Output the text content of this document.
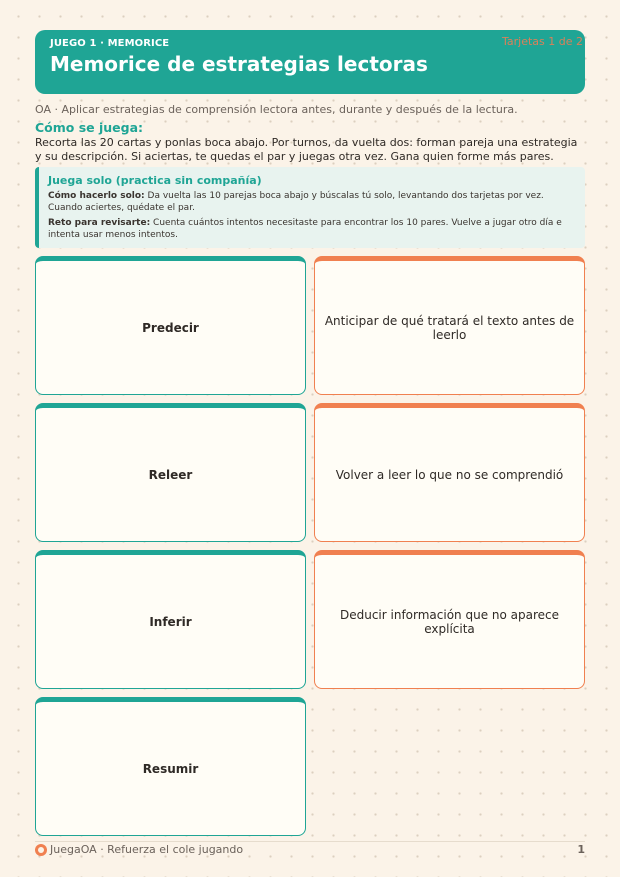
JUEGO 1 · MEMORICE
Memorice de estrategias lectoras
Tarjetas 1 de 2
OA · Aplicar estrategias de comprensión lectora antes, durante y después de la lectura.
Cómo se juega:
Recorta las 20 cartas y ponlas boca abajo. Por turnos, da vuelta dos: forman pareja una estrategia y su descripción. Si aciertas, te quedas el par y juegas otra vez. Gana quien forme más pares.
Juega solo (practica sin compañía)

Cómo hacerlo solo: Da vuelta las 10 parejas boca abajo y búscalas tú solo, levantando dos tarjetas por vez. Cuando aciertes, quédate el par.

Reto para revisarte: Cuenta cuántos intentos necesitaste para encontrar los 10 pares. Vuelve a jugar otro día e intenta usar menos intentos.

Predecir	Anticipar de qué tratará el texto antes de leerlo
Releer	Volver a leer lo que no se comprendió
Inferir	Deducir información que no aparece explícita
Resumir
JuegaOA · Refuerza el cole jugando	1
